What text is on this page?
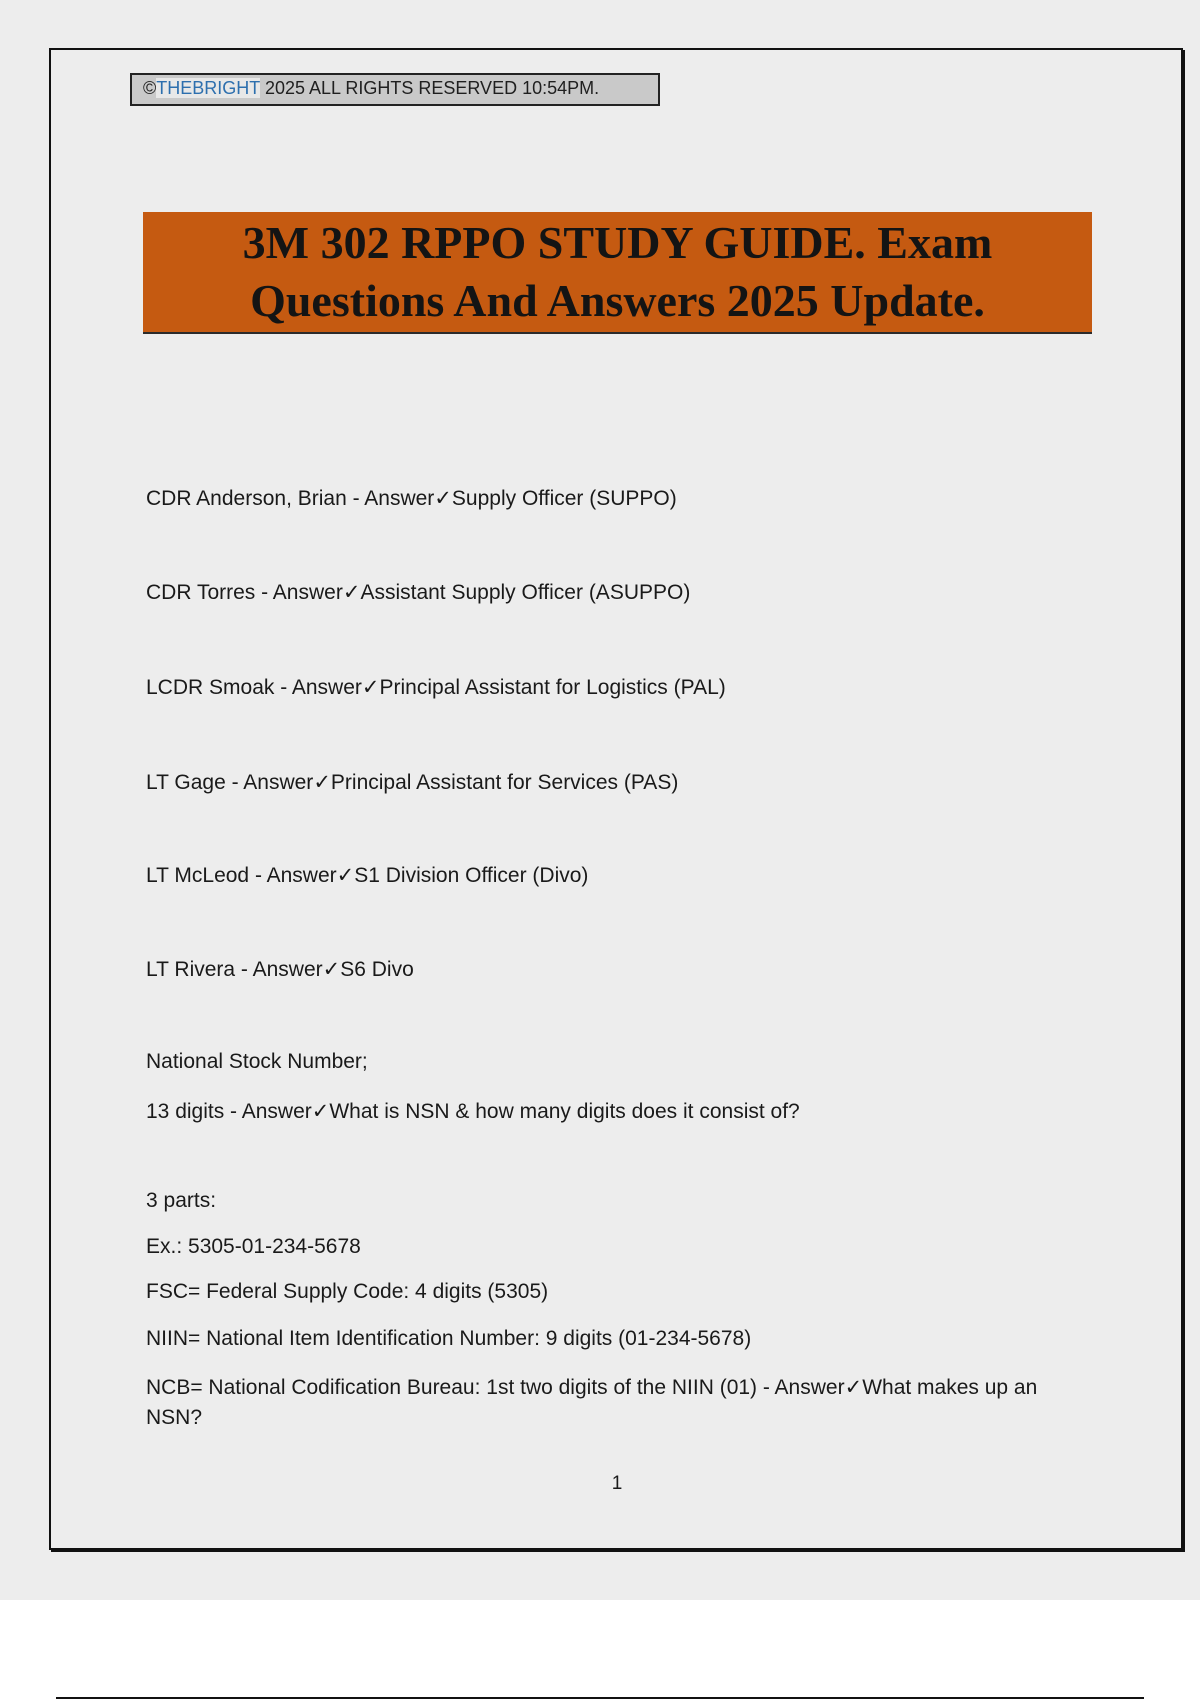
©THEBRIGHT 2025 ALL RIGHTS RESERVED 10:54PM.
3M 302 RPPO STUDY GUIDE. Exam
Questions And Answers 2025 Update.
CDR Anderson, Brian - Answer✓Supply Officer (SUPPO)
CDR Torres - Answer✓Assistant Supply Officer (ASUPPO)
LCDR Smoak - Answer✓Principal Assistant for Logistics (PAL)
LT Gage - Answer✓Principal Assistant for Services (PAS)
LT McLeod - Answer✓S1 Division Officer (Divo)
LT Rivera - Answer✓S6 Divo
National Stock Number;
13 digits - Answer✓What is NSN & how many digits does it consist of?
3 parts:
Ex.: 5305-01-234-5678
FSC= Federal Supply Code: 4 digits (5305)
NIIN= National Item Identification Number: 9 digits (01-234-5678)
NCB= National Codification Bureau: 1st two digits of the NIIN (01) - Answer✓What makes up an NSN?
1
